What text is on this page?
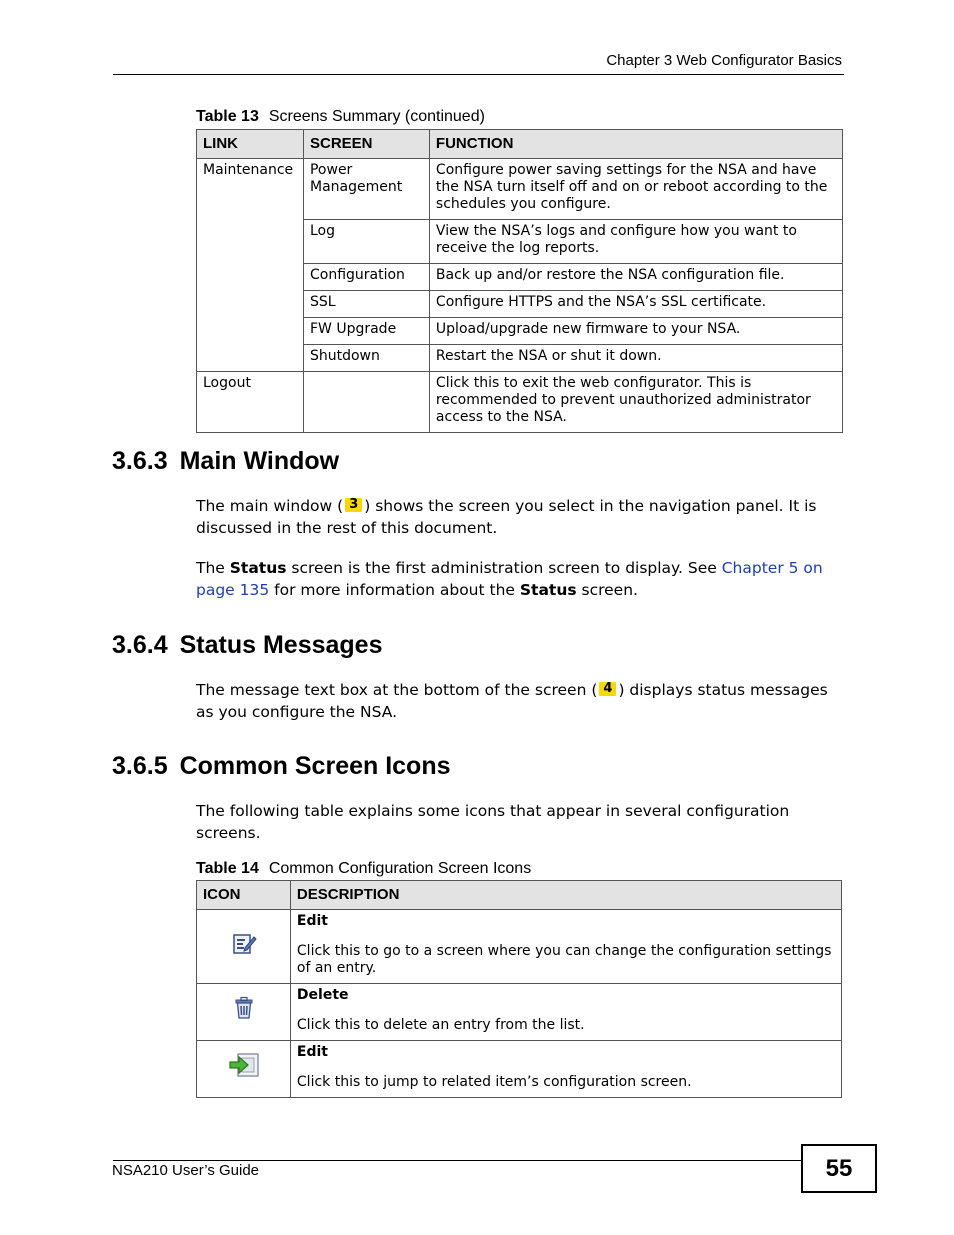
Chapter 3 Web Configurator Basics
Table 13 Screens Summary (continued)
LINK	SCREEN	FUNCTION
Maintenance	Power Management	Configure power saving settings for the NSA and have the NSA turn itself off and on or reboot according to the schedules you configure.
	Log	View the NSA’s logs and configure how you want to receive the log reports.
	Configuration	Back up and/or restore the NSA configuration file.
	SSL	Configure HTTPS and the NSA’s SSL certificate.
	FW Upgrade	Upload/upgrade new firmware to your NSA.
	Shutdown	Restart the NSA or shut it down.
Logout		Click this to exit the web configurator. This is recommended to prevent unauthorized administrator access to the NSA.
3.6.3 Main Window

The main window ( 3 ) shows the screen you select in the navigation panel. It is discussed in the rest of this document.

The Status screen is the first administration screen to display. See Chapter 5 on page 135 for more information about the Status screen.

3.6.4 Status Messages

The message text box at the bottom of the screen ( 4 ) displays status messages as you configure the NSA.

3.6.5 Common Screen Icons

The following table explains some icons that appear in several configuration screens.

Table 14 Common Configuration Screen Icons
ICON	DESCRIPTION

Edit
Click this to go to a screen where you can change the configuration settings of an entry.

Delete
Click this to delete an entry from the list.

Edit
Click this to jump to related item’s configuration screen.
NSA210 User’s Guide	55
